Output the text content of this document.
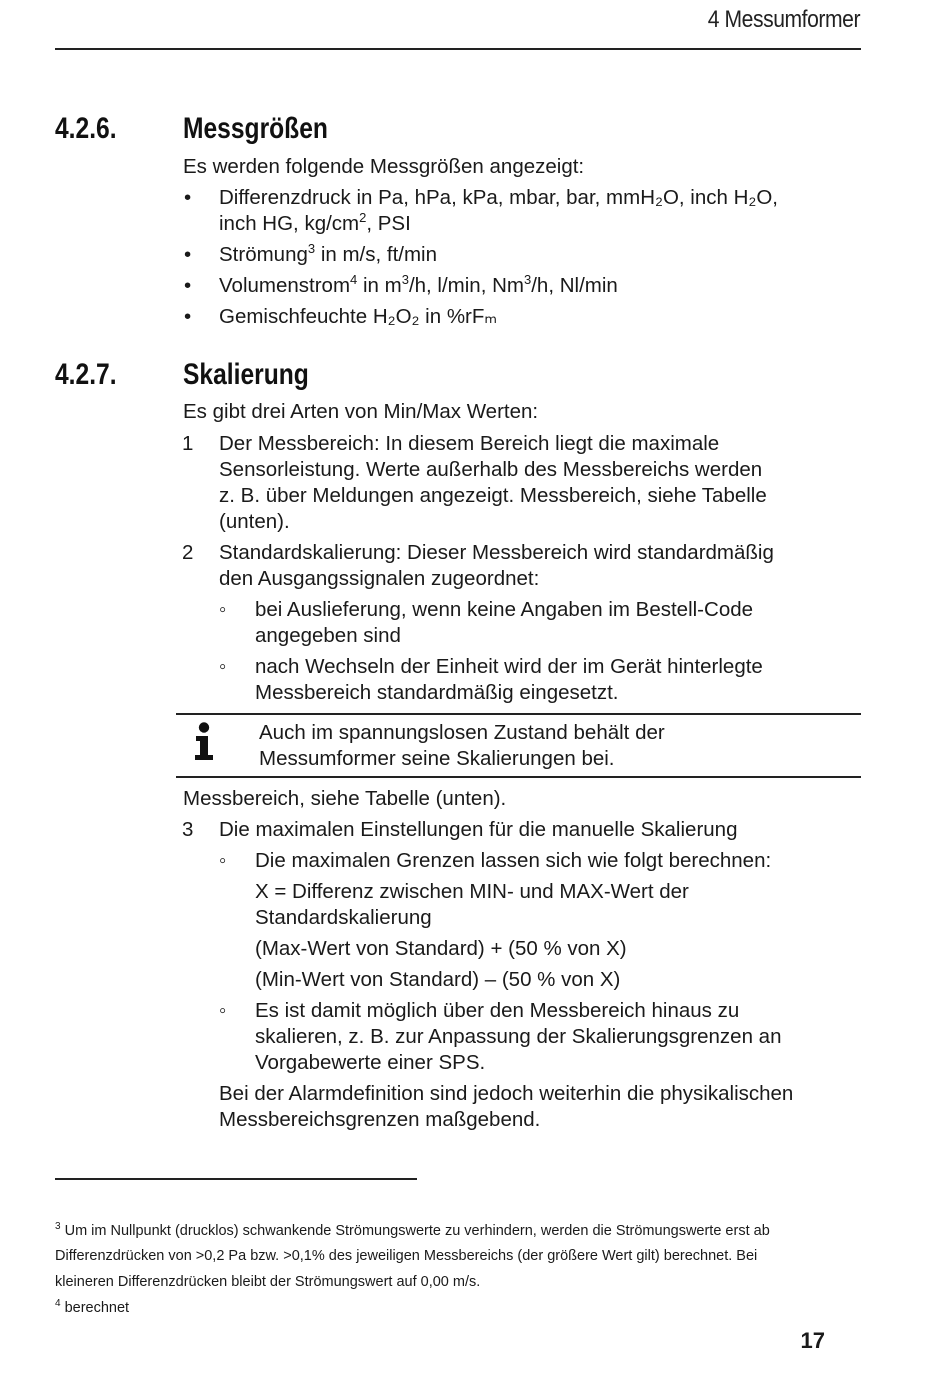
4 Messumformer
4.2.6. Messgrößen
Es werden folgende Messgrößen angezeigt:
• Differenzdruck in Pa, hPa, kPa, mbar, bar, mmH₂O, inch H₂O,
inch HG, $kg/cm^2$, PSI
• Strömung$^3$ in m/s, ft/min
• Volumenstrom$^4$ in $m^3/h$, l/min, Nm$^3$/h, Nl/min
• Gemischfeuchte H₂O₂ in %rFₘ
4.2.7. Skalierung
Es gibt drei Arten von Min/Max Werten:
1 Der Messbereich: In diesem Bereich liegt die maximale
Sensorleistung. Werte außerhalb des Messbereichs werden
z. B. über Meldungen angezeigt. Messbereich, siehe Tabelle
(unten).
2 Standardskalierung: Dieser Messbereich wird standardmäßig
den Ausgangssignalen zugeordnet:
◦ bei Auslieferung, wenn keine Angaben im Bestell-Code
angegeben sind
◦ nach Wechseln der Einheit wird der im Gerät hinterlegte
Messbereich standardmäßig eingesetzt.
Auch im spannungslosen Zustand behält der
Messumformer seine Skalierungen bei.
Messbereich, siehe Tabelle (unten).
3 Die maximalen Einstellungen für die manuelle Skalierung
◦ Die maximalen Grenzen lassen sich wie folgt berechnen:
X = Differenz zwischen MIN- und MAX-Wert der
Standardskalierung
(Max-Wert von Standard) + (50 % von X)
(Min-Wert von Standard) – (50 % von X)
◦ Es ist damit möglich über den Messbereich hinaus zu
skalieren, z. B. zur Anpassung der Skalierungsgrenzen an
Vorgabewerte einer SPS.
Bei der Alarmdefinition sind jedoch weiterhin die physikalischen
Messbereichsgrenzen maßgebend.
$^3$ Um im Nullpunkt (drucklos) schwankende Strömungswerte zu verhindern, werden die Strömungswerte erst ab
Differenzdrücken von >0,2 Pa bzw. >0,1% des jeweiligen Messbereichs (der größere Wert gilt) berechnet. Bei
kleineren Differenzdrücken bleibt der Strömungswert auf 0,00 m/s.
$^4$ berechnet
17
